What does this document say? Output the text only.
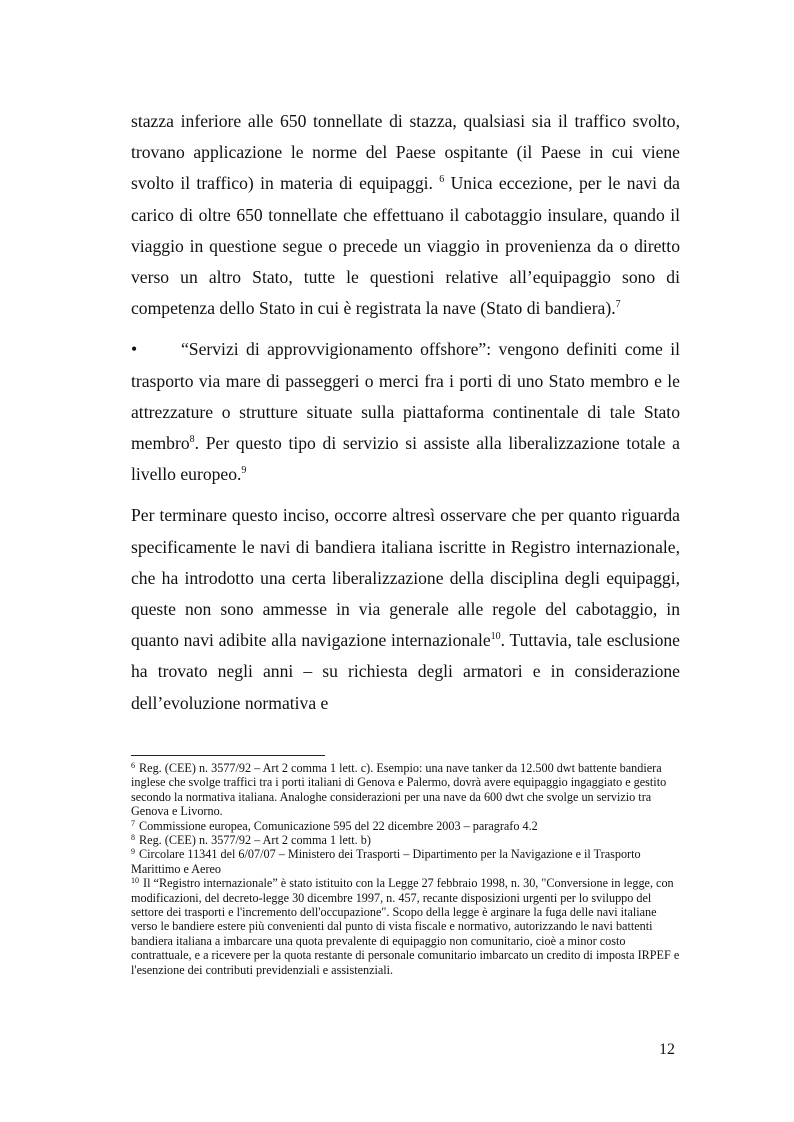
stazza inferiore alle 650 tonnellate di stazza, qualsiasi sia il traffico svolto, trovano applicazione le norme del Paese ospitante (il Paese in cui viene svolto il traffico) in materia di equipaggi. $^6$ Unica eccezione, per le navi da carico di oltre 650 tonnellate che effettuano il cabotaggio insulare, quando il viaggio in questione segue o precede un viaggio in provenienza da o diretto verso un altro Stato, tutte le questioni relative all’equipaggio sono di competenza dello Stato in cui è registrata la nave (Stato di bandiera).$^7$

• “Servizi di approvvigionamento offshore”: vengono definiti come il trasporto via mare di passeggeri o merci fra i porti di uno Stato membro e le attrezzature o strutture situate sulla piattaforma continentale di tale Stato membro$^8$. Per questo tipo di servizio si assiste alla liberalizzazione totale a livello europeo.$^9$

Per terminare questo inciso, occorre altresì osservare che per quanto riguarda specificamente le navi di bandiera italiana iscritte in Registro internazionale, che ha introdotto una certa liberalizzazione della disciplina degli equipaggi, queste non sono ammesse in via generale alle regole del cabotaggio, in quanto navi adibite alla navigazione internazionale$^{10}$. Tuttavia, tale esclusione ha trovato negli anni – su richiesta degli armatori e in considerazione dell’evoluzione normativa e

$^6$ Reg. (CEE) n. 3577/92 – Art 2 comma 1 lett. c). Esempio: una nave tanker da 12.500 dwt battente bandiera inglese che svolge traffici tra i porti italiani di Genova e Palermo, dovrà avere equipaggio ingaggiato e gestito secondo la normativa italiana. Analoghe considerazioni per una nave da 600 dwt che svolge un servizio tra Genova e Livorno.

$^7$ Commissione europea, Comunicazione 595 del 22 dicembre 2003 – paragrafo 4.2

$^8$ Reg. (CEE) n. 3577/92 – Art 2 comma 1 lett. b)

$^9$ Circolare 11341 del 6/07/07 – Ministero dei Trasporti – Dipartimento per la Navigazione e il Trasporto Marittimo e Aereo

$^{10}$ Il “Registro internazionale” è stato istituito con la Legge 27 febbraio 1998, n. 30, "Conversione in legge, con modificazioni, del decreto-legge 30 dicembre 1997, n. 457, recante disposizioni urgenti per lo sviluppo del settore dei trasporti e l'incremento dell'occupazione". Scopo della legge è arginare la fuga delle navi italiane verso le bandiere estere più convenienti dal punto di vista fiscale e normativo, autorizzando le navi battenti bandiera italiana a imbarcare una quota prevalente di equipaggio non comunitario, cioè a minor costo contrattuale, e a ricevere per la quota restante di personale comunitario imbarcato un credito di imposta IRPEF e l'esenzione dei contributi previdenziali e assistenziali.

12
